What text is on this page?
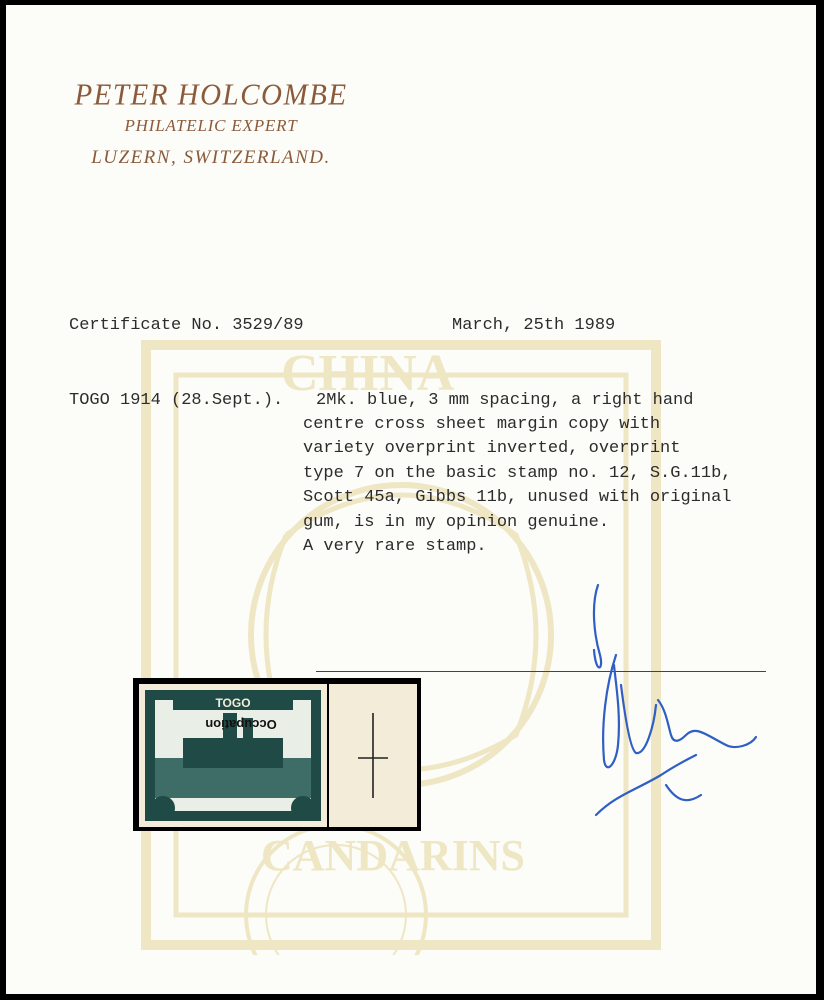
CHINA
CANDARINS
PETER HOLCOMBE
PHILATELIC EXPERT
LUZERN, SWITZERLAND.
Certificate No. 3529/89	March, 25th 1989
TOGO 1914 (28.Sept.). 2Mk. blue, 3 mm spacing, a right hand
centre cross sheet margin copy with
variety overprint inverted, overprint
type 7 on the basic stamp no. 12, S.G.11b,
Scott 45a, Gibbs 11b, unused with original
gum, is in my opinion genuine.
A very rare stamp.
TOGO
Occupation
